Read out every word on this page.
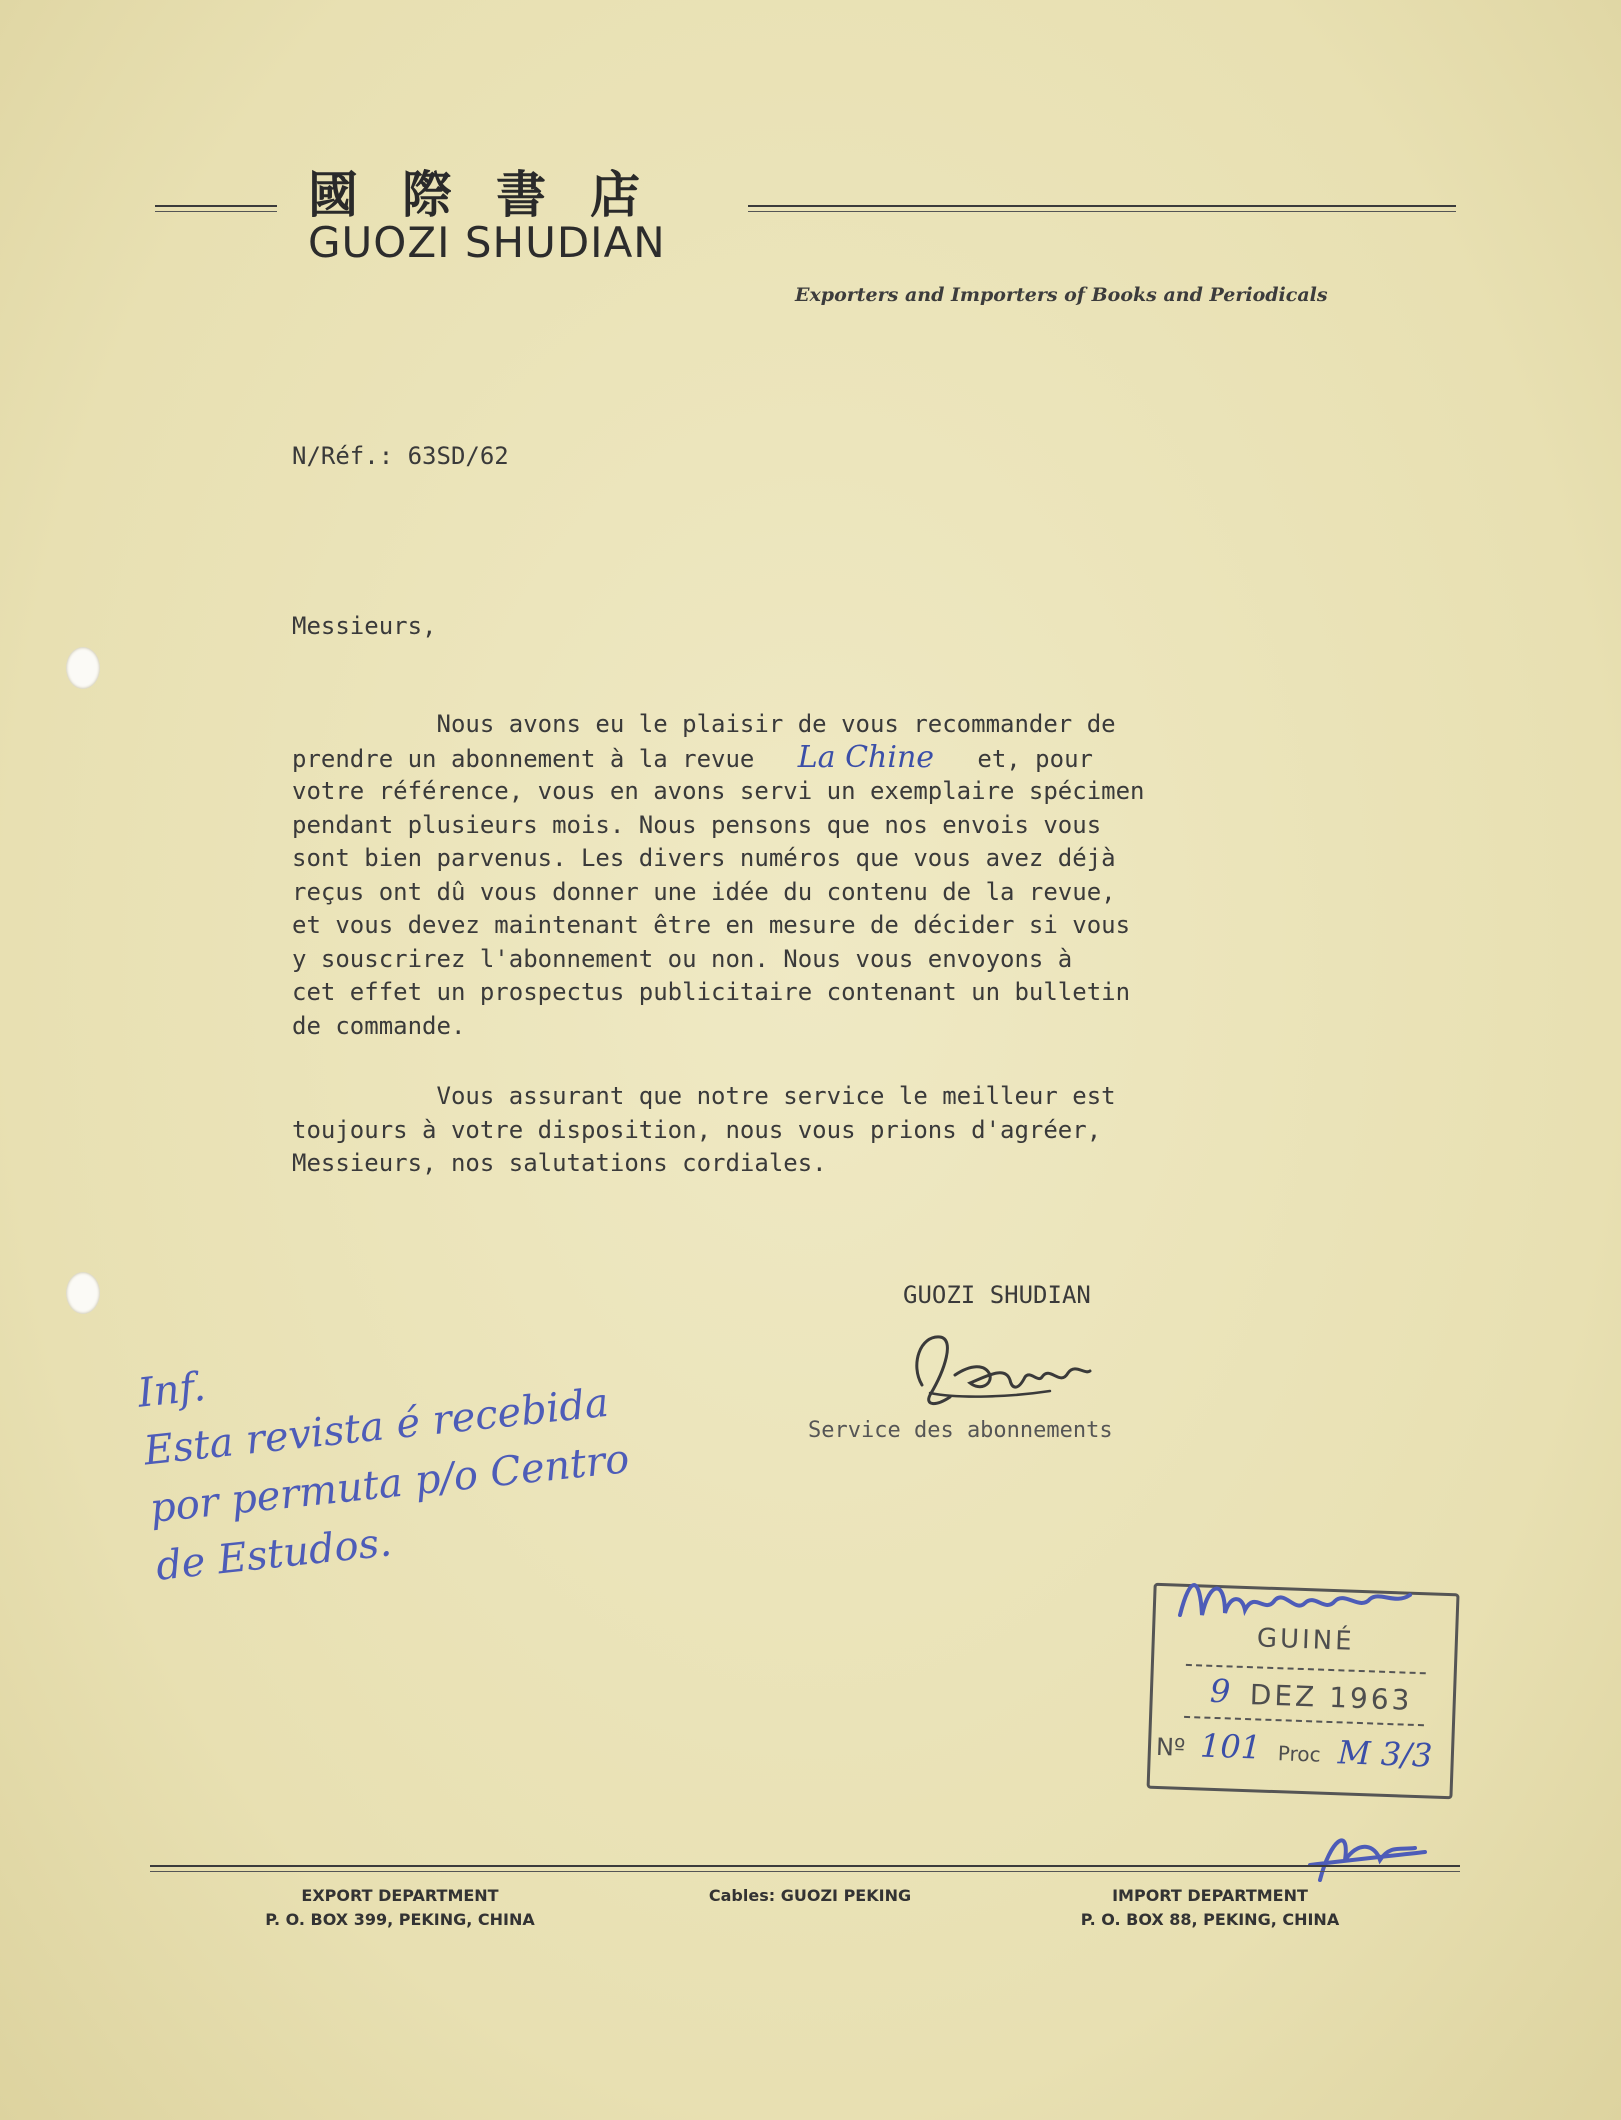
國際書店
GUOZI SHUDIAN
Exporters and Importers of Books and Periodicals
N/Réf.: 63SD/62
Messieurs,
Nous avons eu le plaisir de vous recommander de
prendre un abonnement à la revue   La Chine   et, pour
votre référence, vous en avons servi un exemplaire spécimen
pendant plusieurs mois. Nous pensons que nos envois vous
sont bien parvenus. Les divers numéros que vous avez déjà
reçus ont dû vous donner une idée du contenu de la revue,
et vous devez maintenant être en mesure de décider si vous
y souscrirez l'abonnement ou non. Nous vous envoyons à
cet effet un prospectus publicitaire contenant un bulletin
de commande.
Vous assurant que notre service le meilleur est
toujours à votre disposition, nous vous prions d'agréer,
Messieurs, nos salutations cordiales.
GUOZI SHUDIAN
Service des abonnements
Inf.
Esta revista é recebida
por permuta p/o Centro
de Estudos.
GUINÉ
9 DEZ 1963
Nº 101 Proc M 3/3
EXPORT DEPARTMENT
P. O. BOX 399, PEKING, CHINA
Cables: GUOZI PEKING	IMPORT DEPARTMENT
P. O. BOX 88, PEKING, CHINA
